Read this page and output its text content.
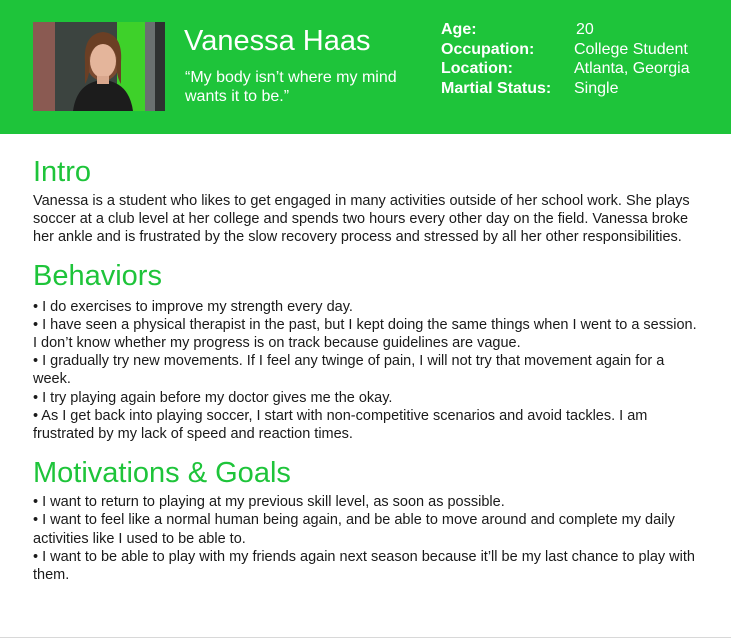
Vanessa Haas
“My body isn’t where my mind wants it to be.”
Age:	20
Occupation: College Student
Location:	Atlanta, Georgia
Martial Status: Single
Intro

Vanessa is a student who likes to get engaged in many activities outside of her school work. She plays soccer at a club level at her college and spends two hours every other day on the field. Vanessa broke her ankle and is frustrated by the slow recovery process and stressed by all her other responsibilities.

Behaviors

• I do exercises to improve my strength every day.

• I have seen a physical therapist in the past, but I kept doing the same things when I went to a session. I don’t know whether my progress is on track because guidelines are vague.

• I gradually try new movements. If I feel any twinge of pain, I will not try that movement again for a week.

• I try playing again before my doctor gives me the okay.

• As I get back into playing soccer, I start with non-competitive scenarios and avoid tackles. I am frustrated by my lack of speed and reaction times.

Motivations & Goals

• I want to return to playing at my previous skill level, as soon as possible.

• I want to feel like a normal human being again, and be able to move around and complete my daily activities like I used to be able to.

• I want to be able to play with my friends again next season because it’ll be my last chance to play with them.
